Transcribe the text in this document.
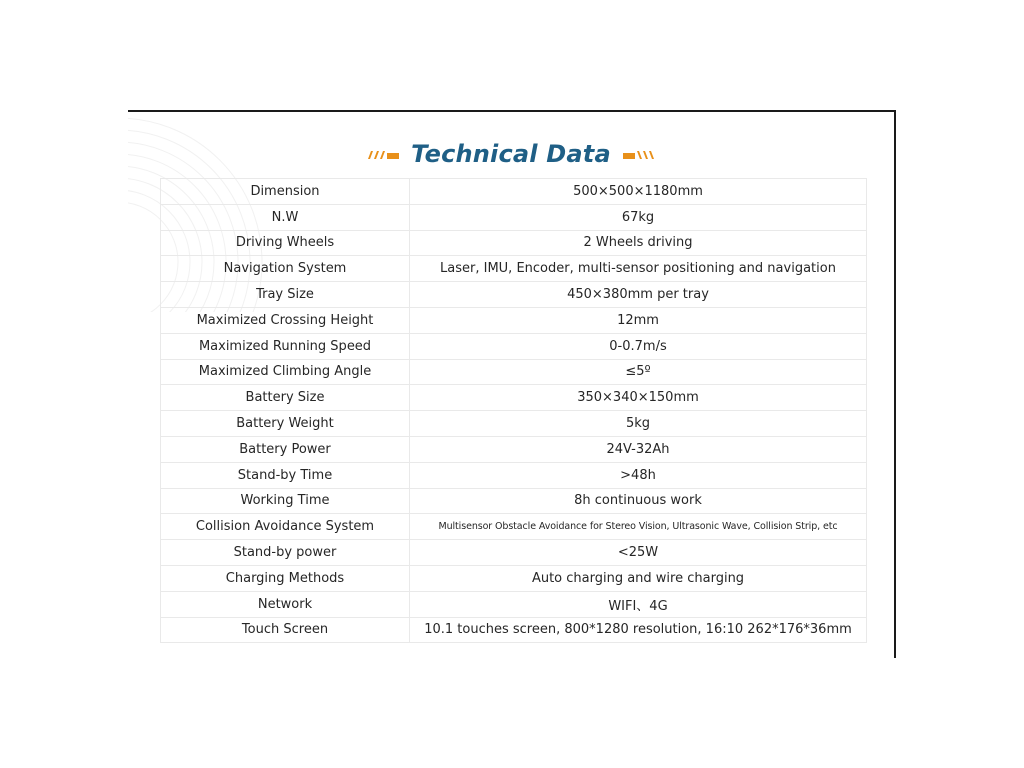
Technical Data
Dimension	500×500×1180mm
N.W	67kg
Driving Wheels	2 Wheels driving
Navigation System	Laser, IMU, Encoder, multi-sensor positioning and navigation
Tray Size	450×380mm per tray
Maximized Crossing Height	12mm
Maximized Running Speed	0-0.7m/s
Maximized Climbing Angle	≤5º
Battery Size	350×340×150mm
Battery Weight	5kg
Battery Power	24V-32Ah
Stand-by Time	>48h
Working Time	8h continuous work
Collision Avoidance System	Multisensor Obstacle Avoidance for Stereo Vision, Ultrasonic Wave, Collision Strip, etc
Stand-by power	<25W
Charging Methods	Auto charging and wire charging
Network	WIFI、4G
Touch Screen	10.1 touches screen, 800*1280 resolution, 16:10 262*176*36mm
